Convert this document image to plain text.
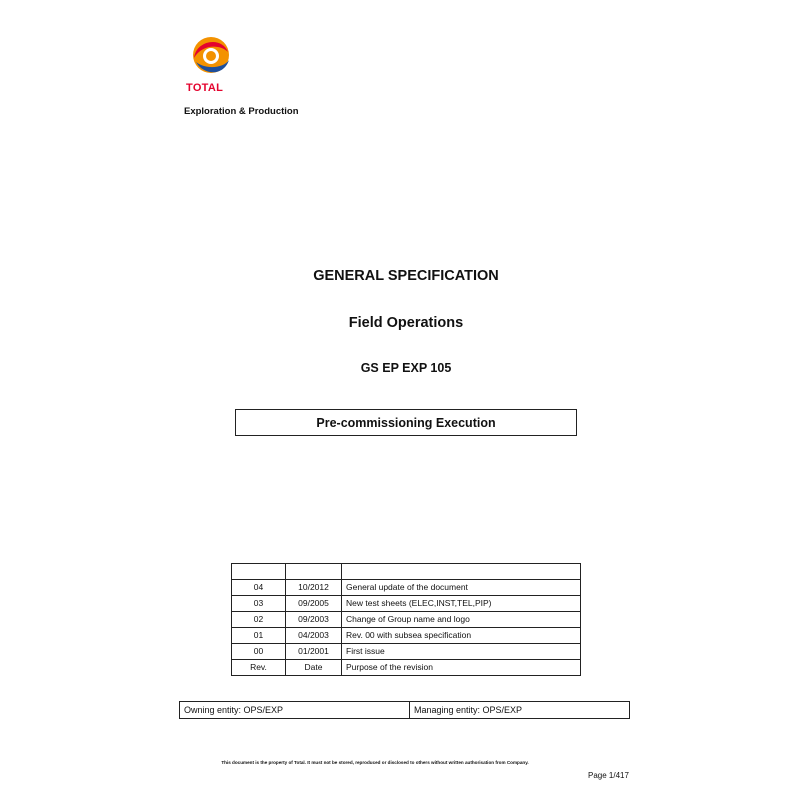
TOTAL
Exploration & Production
GENERAL SPECIFICATION
Field Operations
GS EP EXP 105
Pre-commissioning Execution

04	10/2012	General update of the document
03	09/2005	New test sheets (ELEC,INST,TEL,PIP)
02	09/2003	Change of Group name and logo
01	04/2003	Rev. 00 with subsea specification
00	01/2001	First issue
Rev.	Date	Purpose of the revision
Owning entity: OPS/EXP	Managing entity: OPS/EXP
This document is the property of Total. It must not be stored, reproduced or disclosed to others without written authorisation from Company.
Page 1/417
